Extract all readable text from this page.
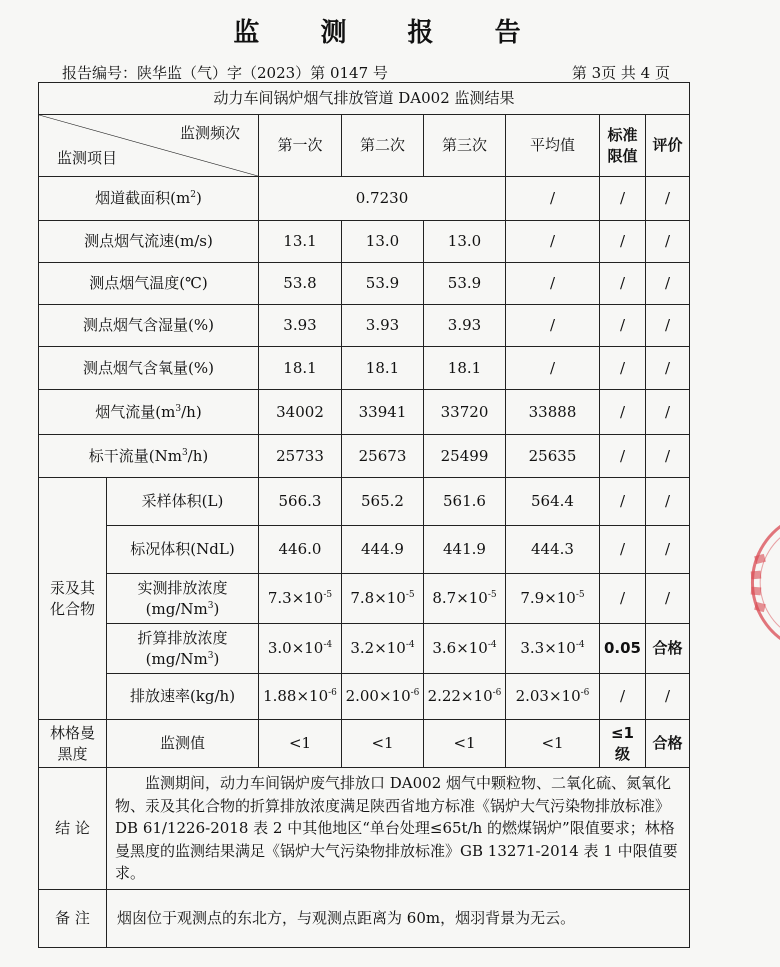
监 测 报 告
报告编号：陕华监（气）字（2023）第 0147 号	第 3页 共 4 页
动力车间锅炉烟气排放管道 DA002 监测结果							

监测频次
监测项目		第一次	第二次	第三次	平均值	标准限值	评价
烟道截面积$(m^2)$		0.7230			/	/	/
测点烟气流速(m/s)		13.1	13.0	13.0	/	/	/
测点烟气温度(℃)		53.8	53.9	53.9	/	/	/
测点烟气含湿量(%)		3.93	3.93	3.93	/	/	/
测点烟气含氧量(%)		18.1	18.1	18.1	/	/	/
烟气流量$(m^3/h)$		34002	33941	33720	33888	/	/
标干流量(Nm$^3$/h)		25733	25673	25499	25635	/	/
汞及其化合物	采样体积(L)	566.3	565.2	561.6	564.4	/	/
	标况体积(NdL)	446.0	444.9	441.9	444.3	/	/
	实测排放浓度
(mg/Nm$^3$)	$7.3\times 10^{-5}$	$7.8\times 10^{-5}$	$8.7\times 10^{-5}$	$7.9\times 10^{-5}$	/	/
	折算排放浓度
(mg/Nm$^3$)	$3.0\times 10^{-4}$	$3.2\times 10^{-4}$	$3.6\times 10^{-4}$	$3.3\times 10^{-4}$	0.05	合格
	排放速率(kg/h)	$1.88\times 10^{-6}$	$2.00\times 10^{-6}$	$2.22\times 10^{-6}$	$2.03\times 10^{-6}$	/	/
林格曼黑度	监测值	<1	<1	<1	<1	≤1 级	合格
结 论	监测期间，动力车间锅炉废气排放口 DA002 烟气中颗粒物、二氧化硫、氮氧化物、汞及其化合物的折算排放浓度满足陕西省地方标准《锅炉大气污染物排放标准》DB 61/1226-2018 表 2 中其他地区“单台处理≤65t/h 的燃煤锅炉”限值要求；林格曼黑度的监测结果满足《锅炉大气污染物排放标准》GB 13271-2014 表 1 中限值要求。						
备 注	烟囱位于观测点的东北方，与观测点距离为 60m，烟羽背景为无云。						
